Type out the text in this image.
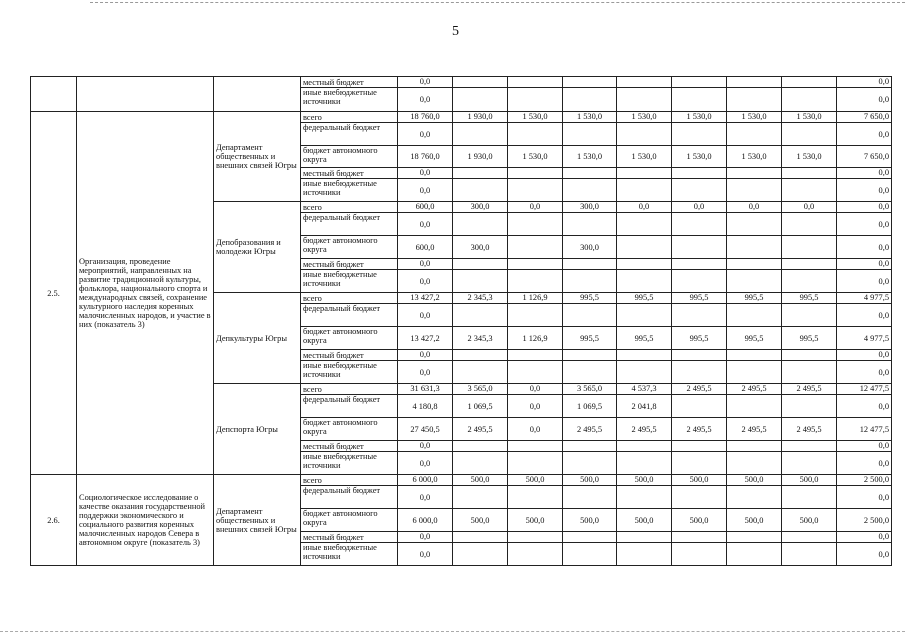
5
			местный бюджет	0,0								0,0
			иные внебюджетные источники	0,0								0,0
2.5.	Организация, проведение мероприятий, направленных на развитие традиционной культуры, фольклора, национального спорта и международных связей, сохранение культурного наследия коренных малочисленных народов, и участие в них (показатель 3)	Департамент общественных и внешних связей Югры	всего	18 760,0	1 930,0	1 530,0	1 530,0	1 530,0	1 530,0	1 530,0	1 530,0	7 650,0
			федеральный бюджет	0,0								0,0
			бюджет автономного округа	18 760,0	1 930,0	1 530,0	1 530,0	1 530,0	1 530,0	1 530,0	1 530,0	7 650,0
			местный бюджет	0,0								0,0
			иные внебюджетные источники	0,0								0,0
		Депобразования и молодежи Югры	всего	600,0	300,0	0,0	300,0	0,0	0,0	0,0	0,0	0,0
			федеральный бюджет	0,0								0,0
			бюджет автономного округа	600,0	300,0		300,0					0,0
			местный бюджет	0,0								0,0
			иные внебюджетные источники	0,0								0,0
		Депкультуры Югры	всего	13 427,2	2 345,3	1 126,9	995,5	995,5	995,5	995,5	995,5	4 977,5
			федеральный бюджет	0,0								0,0
			бюджет автономного округа	13 427,2	2 345,3	1 126,9	995,5	995,5	995,5	995,5	995,5	4 977,5
			местный бюджет	0,0								0,0
			иные внебюджетные источники	0,0								0,0
		Депспорта Югры	всего	31 631,3	3 565,0	0,0	3 565,0	4 537,3	2 495,5	2 495,5	2 495,5	12 477,5
			федеральный бюджет	4 180,8	1 069,5	0,0	1 069,5	2 041,8				0,0
			бюджет автономного округа	27 450,5	2 495,5	0,0	2 495,5	2 495,5	2 495,5	2 495,5	2 495,5	12 477,5
			местный бюджет	0,0								0,0
			иные внебюджетные источники	0,0								0,0
2.6.	Социологическое исследование о качестве оказания государственной поддержки экономического и социального развития коренных малочисленных народов Севера в автономном округе (показатель 3)	Департамент общественных и внешних связей Югры	всего	6 000,0	500,0	500,0	500,0	500,0	500,0	500,0	500,0	2 500,0
			федеральный бюджет	0,0								0,0
			бюджет автономного округа	6 000,0	500,0	500,0	500,0	500,0	500,0	500,0	500,0	2 500,0
			местный бюджет	0,0								0,0
			иные внебюджетные источники	0,0								0,0
